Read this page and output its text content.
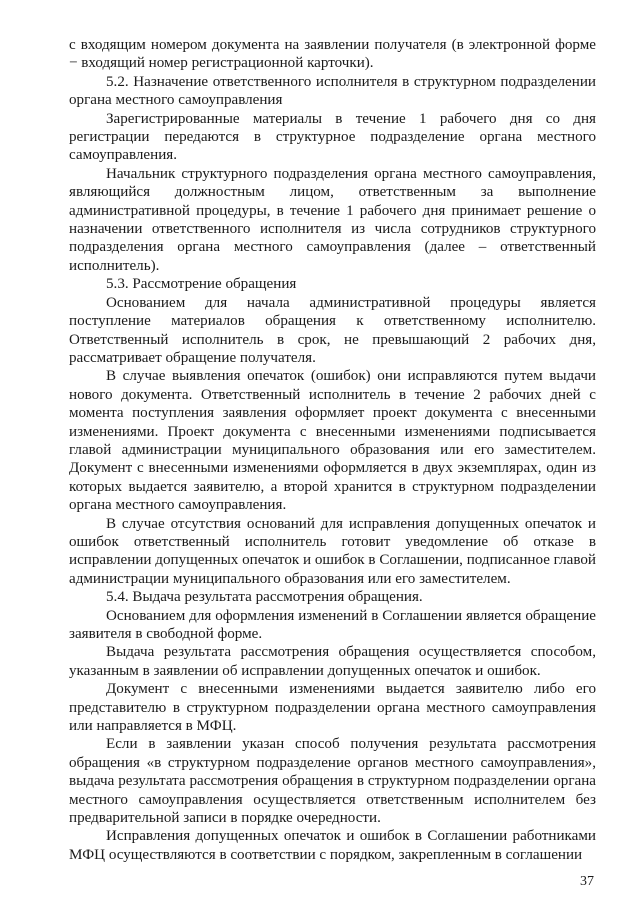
с входящим номером документа на заявлении получателя (в электронной форме − входящий номер регистрационной карточки).

5.2. Назначение ответственного исполнителя в структурном подразделении органа местного самоуправления

Зарегистрированные материалы в течение 1 рабочего дня со дня регистрации передаются в структурное подразделение органа местного самоуправления.

Начальник структурного подразделения органа местного самоуправления, являющийся должностным лицом, ответственным за выполнение административной процедуры, в течение 1 рабочего дня принимает решение о назначении ответственного исполнителя из числа сотрудников структурного подразделения органа местного самоуправления (далее – ответственный исполнитель).

5.3. Рассмотрение обращения

Основанием для начала административной процедуры является поступление материалов обращения к ответственному исполнителю. Ответственный исполнитель в срок, не превышающий 2 рабочих дня, рассматривает обращение получателя.

В случае выявления опечаток (ошибок) они исправляются путем выдачи нового документа. Ответственный исполнитель в течение 2 рабочих дней с момента поступления заявления оформляет проект документа с внесенными изменениями. Проект документа с внесенными изменениями подписывается главой администрации муниципального образования или его заместителем. Документ с внесенными изменениями оформляется в двух экземплярах, один из которых выдается заявителю, а второй хранится в структурном подразделении органа местного самоуправления.

В случае отсутствия оснований для исправления допущенных опечаток и ошибок ответственный исполнитель готовит уведомление об отказе в исправлении допущенных опечаток и ошибок в Соглашении, подписанное главой администрации муниципального образования или его заместителем.

5.4. Выдача результата рассмотрения обращения.

Основанием для оформления изменений в Соглашении является обращение заявителя в свободной форме.

Выдача результата рассмотрения обращения осуществляется способом, указанным в заявлении об исправлении допущенных опечаток и ошибок.

Документ с внесенными изменениями выдается заявителю либо его представителю в структурном подразделении органа местного самоуправления или направляется в МФЦ.

Если в заявлении указан способ получения результата рассмотрения обращения «в структурном подразделение органов местного самоуправления», выдача результата рассмотрения обращения в структурном подразделении органа местного самоуправления осуществляется ответственным исполнителем без предварительной записи в порядке очередности.

Исправления допущенных опечаток и ошибок в Соглашении работниками МФЦ осуществляются в соответствии с порядком, закрепленным в соглашении

37
